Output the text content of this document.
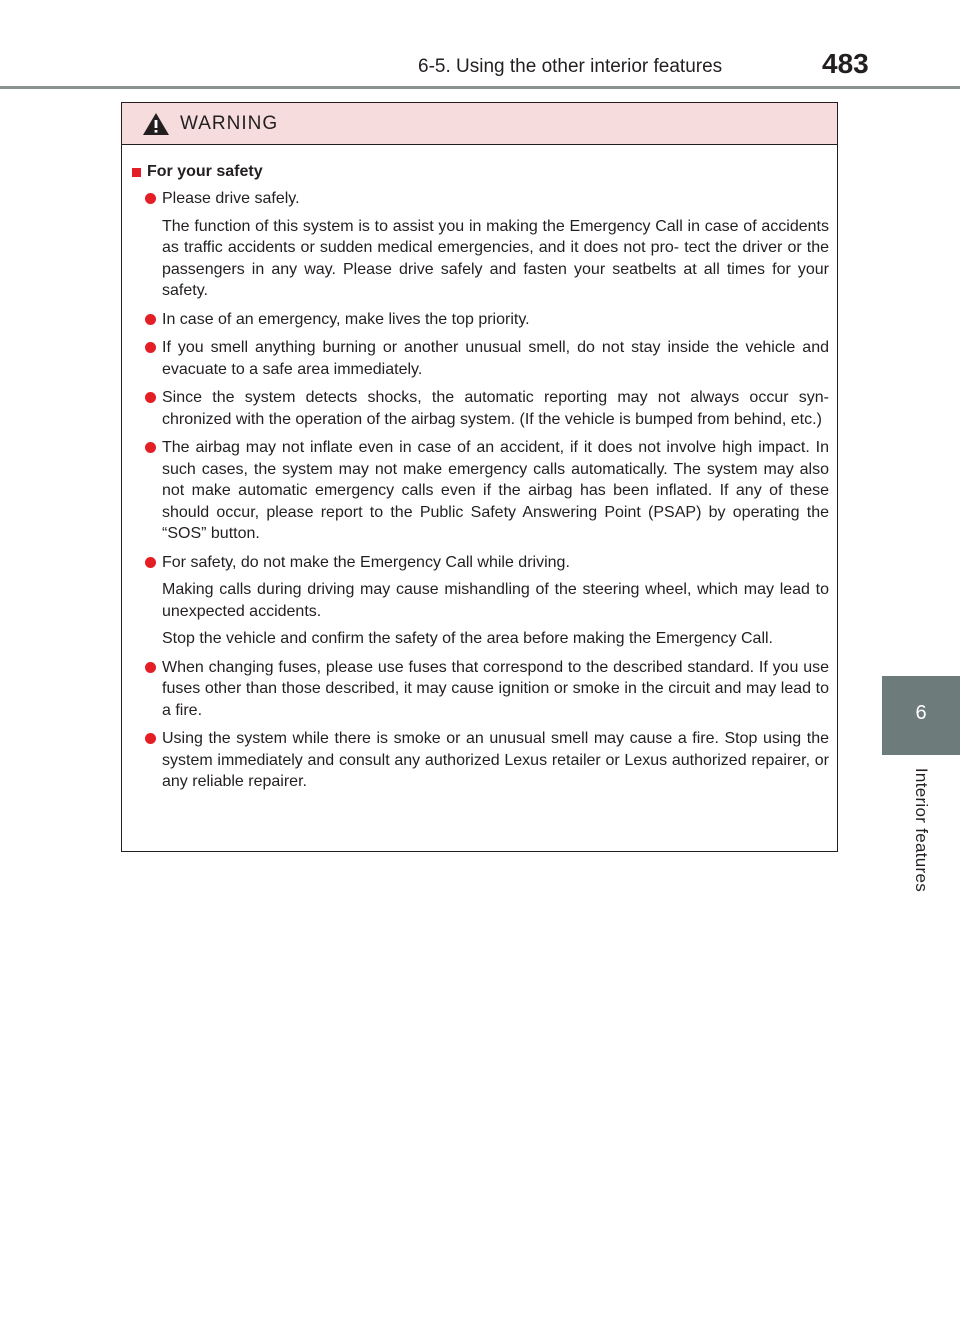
6-5. Using the other interior features	483
6
Interior features
WARNING
For your safety
Please drive safely.
The function of this system is to assist you in making the Emergency Call in case of accidents as traffic accidents or sudden medical emergencies, and it does not pro- tect the driver or the passengers in any way. Please drive safely and fasten your seatbelts at all times for your safety.
In case of an emergency, make lives the top priority.
If you smell anything burning or another unusual smell, do not stay inside the vehicle and evacuate to a safe area immediately.
Since the system detects shocks, the automatic reporting may not always occur syn- chronized with the operation of the airbag system. (If the vehicle is bumped from behind, etc.)
The airbag may not inflate even in case of an accident, if it does not involve high impact. In such cases, the system may not make emergency calls automatically. The system may also not make automatic emergency calls even if the airbag has been inflated. If any of these should occur, please report to the Public Safety Answering Point (PSAP) by operating the “SOS” button.
For safety, do not make the Emergency Call while driving.
Making calls during driving may cause mishandling of the steering wheel, which may lead to unexpected accidents.
Stop the vehicle and confirm the safety of the area before making the Emergency Call.
When changing fuses, please use fuses that correspond to the described standard. If you use fuses other than those described, it may cause ignition or smoke in the circuit and may lead to a fire.
Using the system while there is smoke or an unusual smell may cause a fire. Stop using the system immediately and consult any authorized Lexus retailer or Lexus authorized repairer, or any reliable repairer.
